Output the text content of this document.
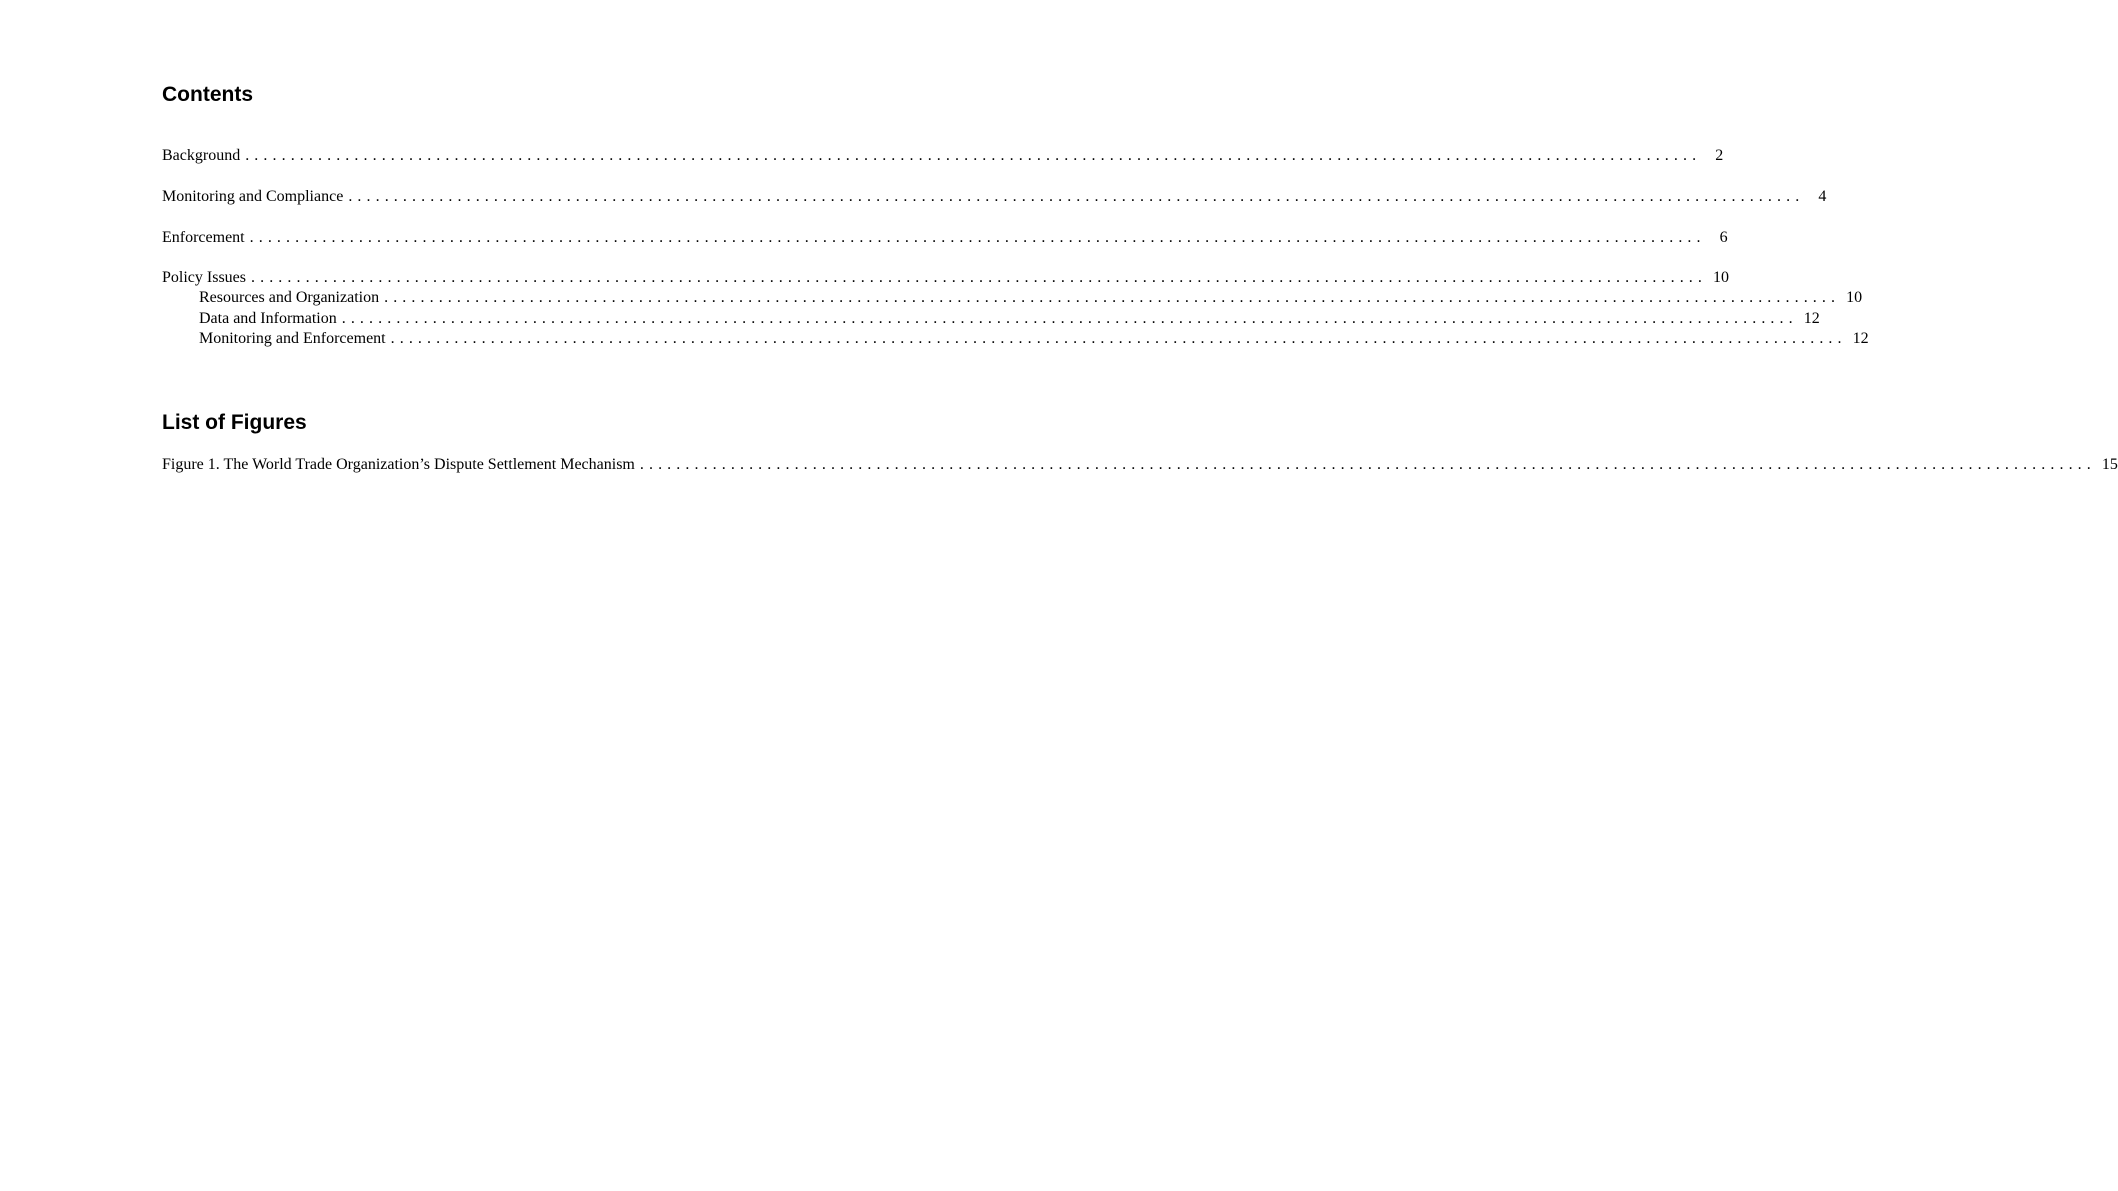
Contents
Background ................................................................................................................................................................ 2
Monitoring and Compliance ................................................................................................................................................................ 4
Enforcement ................................................................................................................................................................ 6
Policy Issues ................................................................................................................................................................ 10
Resources and Organization ................................................................................................................................................................ 10
Data and Information ................................................................................................................................................................ 12
Monitoring and Enforcement ................................................................................................................................................................ 12
List of Figures
Figure 1. The World Trade Organization’s Dispute Settlement Mechanism ................................................................................................................................................................ 15
